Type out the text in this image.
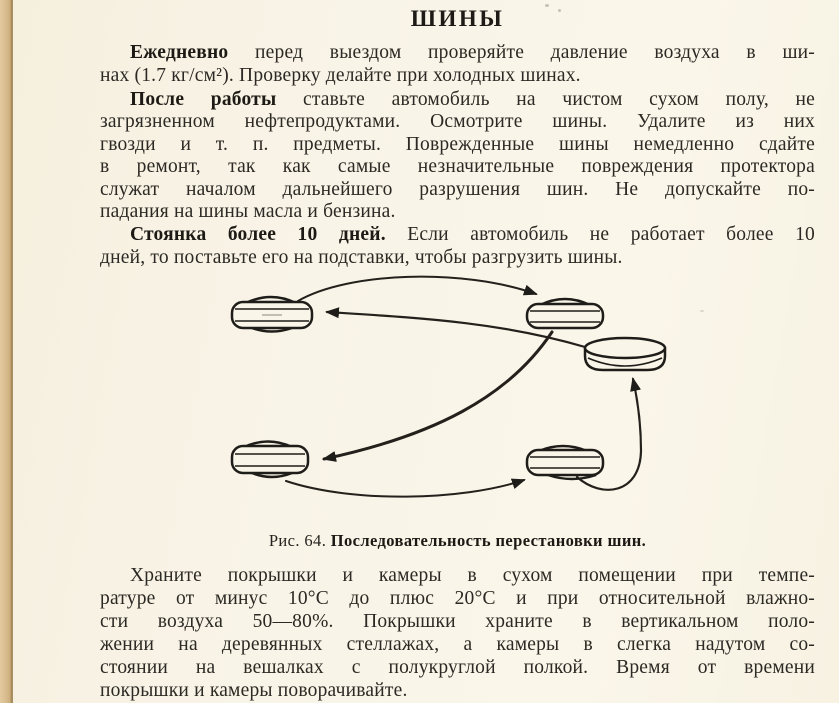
ШИНЫ
Ежедневно перед выездом проверяйте давление воздуха в ши-
нах (1.7 кг/см²). Проверку делайте при холодных шинах.
После работы ставьте автомобиль на чистом сухом полу, не
загрязненном нефтепродуктами. Осмотрите шины. Удалите из них
гвозди и т. п. предметы. Поврежденные шины немедленно сдайте
в ремонт, так как самые незначительные повреждения протектора
служат началом дальнейшего разрушения шин. Не допускайте по-
падания на шины масла и бензина.
Стоянка более 10 дней. Если автомобиль не работает более 10
дней, то поставьте его на подставки, чтобы разгрузить шины.
Рис. 64. Последовательность перестановки шин.
Храните покрышки и камеры в сухом помещении при темпе-
ратуре от минус 10°С до плюс 20°С и при относительной влажно-
сти воздуха 50—80%. Покрышки храните в вертикальном поло-
жении на деревянных стеллажах, а камеры в слегка надутом со-
стоянии на вешалках с полукруглой полкой. Время от времени
покрышки и камеры поворачивайте.
